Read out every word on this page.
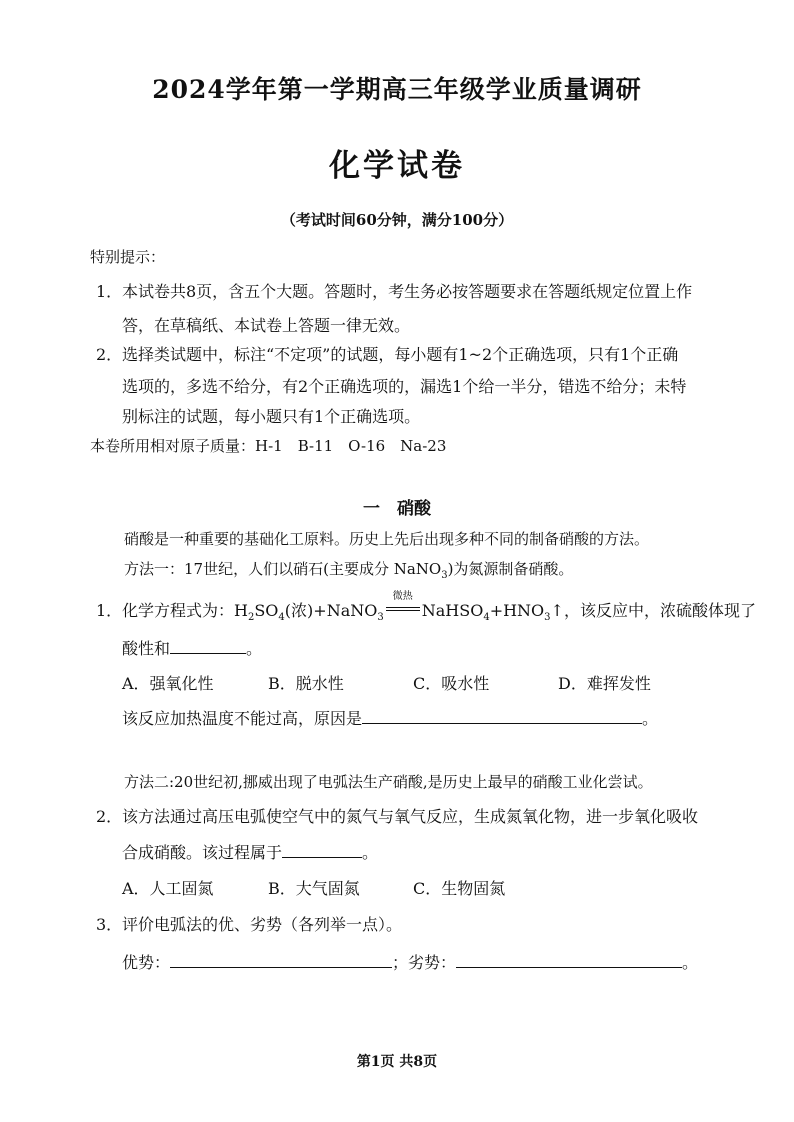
2024学年第一学期高三年级学业质量调研
化学试卷
（考试时间60分钟，满分100分）
特别提示：
1． 本试卷共8页，含五个大题。答题时，考生务必按答题要求在答题纸规定位置上作
答，在草稿纸、本试卷上答题一律无效。
2． 选择类试题中，标注“不定项”的试题，每小题有1~2个正确选项，只有1个正确
选项的，多选不给分，有2个正确选项的，漏选1个给一半分，错选不给分；未特
别标注的试题，每小题只有1个正确选项。
本卷所用相对原子质量：H-1　B-11　O-16　Na-23
一　硝酸
硝酸是一种重要的基础化工原料。历史上先后出现多种不同的制备硝酸的方法。
方法一：17世纪，人们以硝石(主要成分 NaNO$_3$)为氮源制备硝酸。
1． 化学方程式为：$H_2SO_4$(浓)+NaNO$_3$
微热
$NaHSO_4+HNO_3↑$，该反应中，浓硫酸体现了
酸性和	。
A．强氧化性	B．脱水性	C．吸水性	D．难挥发性
该反应加热温度不能过高，原因是	。
方法二:20世纪初,挪威出现了电弧法生产硝酸,是历史上最早的硝酸工业化尝试。
2． 该方法通过高压电弧使空气中的氮气与氧气反应，生成氮氧化物，进一步氧化吸收
合成硝酸。该过程属于	。
A．人工固氮	B．大气固氮	C．生物固氮
3． 评价电弧法的优、劣势（各列举一点）。
优势：	；劣势：	。
第1页 共8页
